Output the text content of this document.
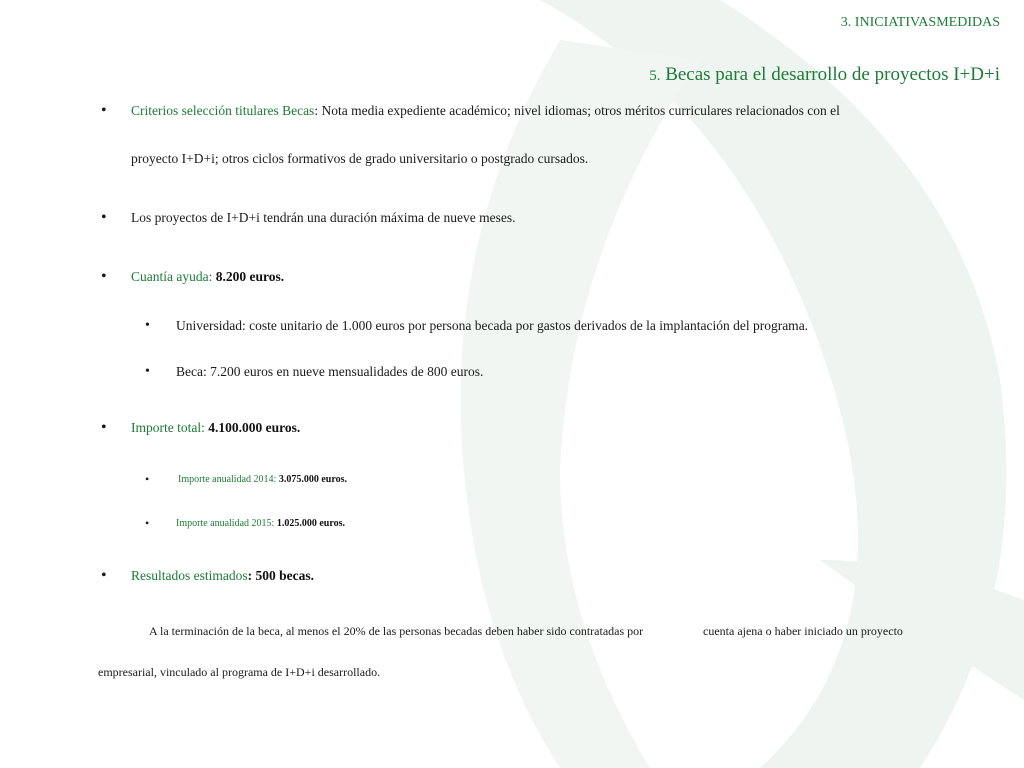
3. INICIATIVASMEDIDAS
5. Becas para el desarrollo de proyectos I+D+i
• Criterios selección titulares Becas: Nota media expediente académico; nivel idiomas; otros méritos curriculares relacionados con el
proyecto I+D+i; otros ciclos formativos de grado universitario o postgrado cursados.
• Los proyectos de I+D+i tendrán una duración máxima de nueve meses.
• Cuantía ayuda: 8.200 euros.
• Universidad: coste unitario de 1.000 euros por persona becada por gastos derivados de la implantación del programa.
• Beca: 7.200 euros en nueve mensualidades de 800 euros.
• Importe total: 4.100.000 euros.
•	Importe anualidad 2014: 3.075.000 euros.
•	Importe anualidad 2015: 1.025.000 euros.
• Resultados estimados: 500 becas.
A la terminación de la beca, al menos el 20% de las personas becadas deben haber sido contratadas por	cuenta ajena o haber iniciado un proyecto
empresarial, vinculado al programa de I+D+i desarrollado.
